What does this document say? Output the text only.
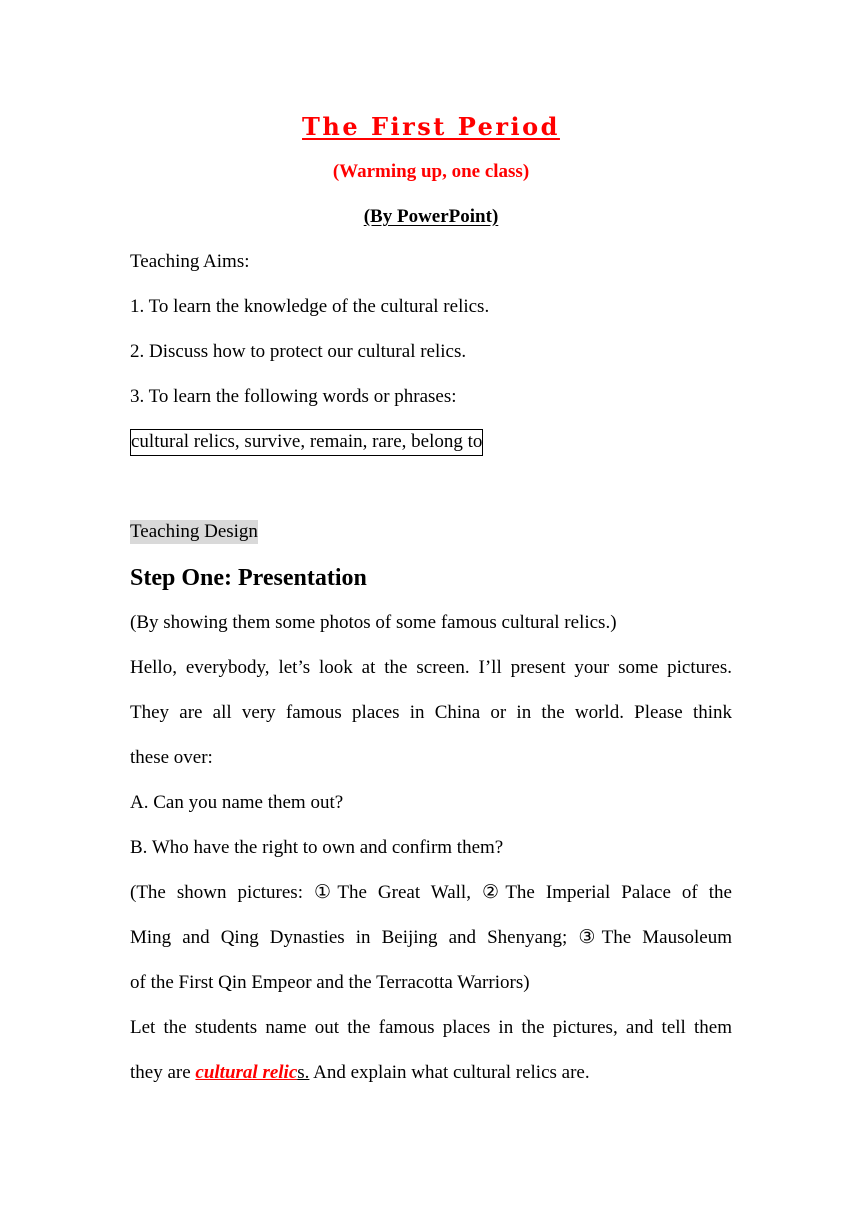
The First Period
(Warming up, one class)
(By PowerPoint)
Teaching Aims:
1. To learn the knowledge of the cultural relics.
2. Discuss how to protect our cultural relics.
3. To learn the following words or phrases:
cultural relics, survive, remain, rare, belong to
Teaching Design
Step One: Presentation
(By showing them some photos of some famous cultural relics.)
Hello, everybody, let’s look at the screen. I’ll present your some pictures.
They are all very famous places in China or in the world. Please think
these over:
A. Can you name them out?
B. Who have the right to own and confirm them?
(The shown pictures: ①The Great Wall, ②The Imperial Palace of the
Ming and Qing Dynasties in Beijing and Shenyang; ③The Mausoleum
of the First Qin Empeor and the Terracotta Warriors)
Let the students name out the famous places in the pictures, and tell them
they are cultural relics. And explain what cultural relics are.
